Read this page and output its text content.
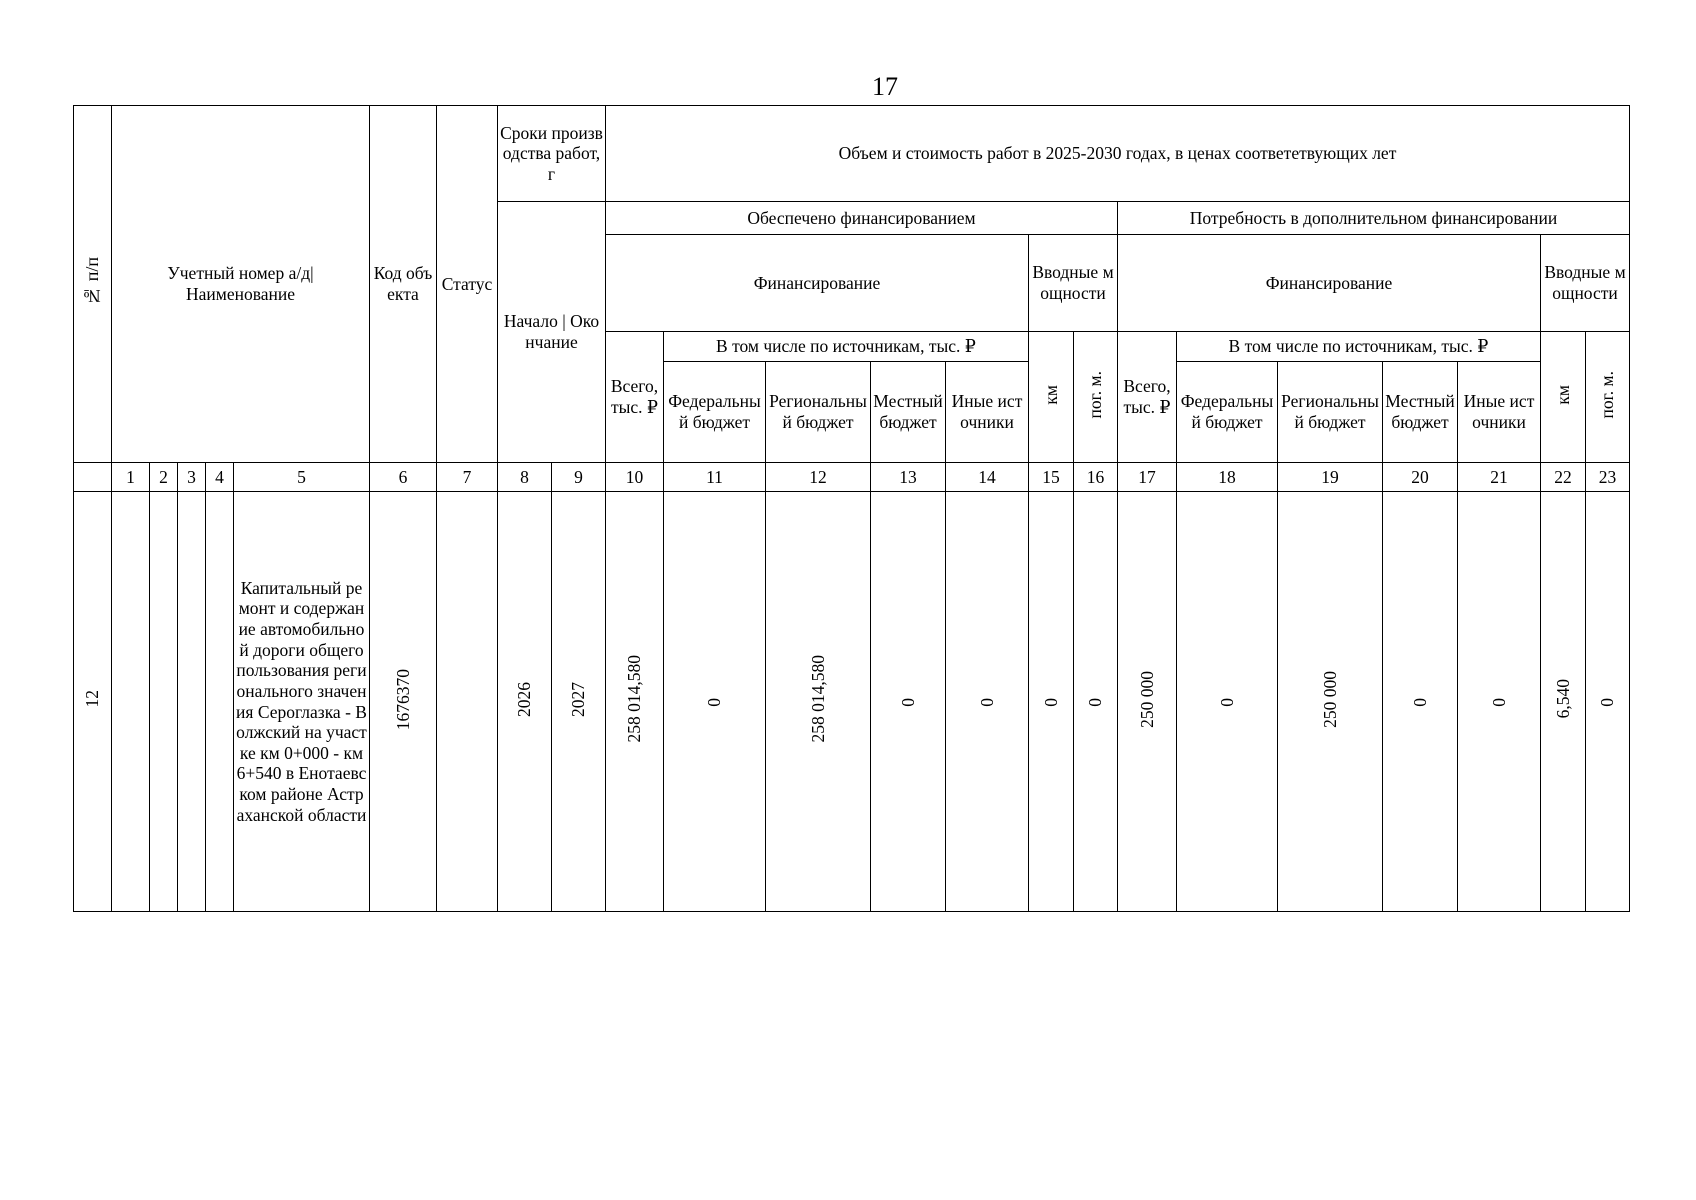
17
№ п/п	Учетный номер а/д| Наименование					Код объекта	Статус	Сроки производства работ, г		Объем и стоимость работ в 2025-2030 годах, в ценах соответетвующих лет													
								Начало | Окончание		Обеспечено финансированием							Потребность в дополнительном финансировании						
										Финансирование					Вводные мощности		Финансирование					Вводные мощности	
										Всего, тыс. ₽	В том числе по источникам, тыс. ₽				км	пог. м.	Всего, тыс. ₽	В том числе по источникам, тыс. ₽				км	пог. м.
											Федеральный бюджет	Региональный бюджет	Местный бюджет	Иные источники				Федеральный бюджет	Региональный бюджет	Местный бюджет	Иные источники		
	1	2	3	4	5	6	7	8	9	10	11	12	13	14	15	16	17	18	19	20	21	22	23
12					Капитальный ремонт и содержание автомобильной дороги общего пользования регионального значения Сероглазка - Волжский на участке км 0+000 - км 6+540 в Енотаевском районе Астраханской области	1676370		2026	2027	258 014,580	0	258 014,580	0	0	0	0	250 000	0	250 000	0	0	6,540	0
